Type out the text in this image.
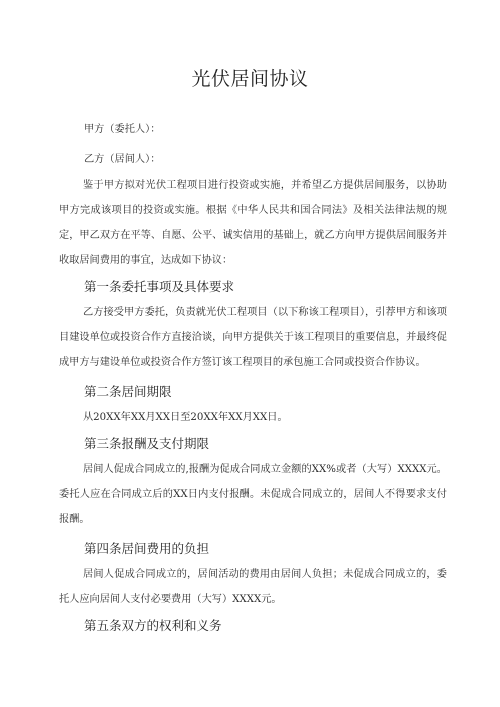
光伏居间协议
甲方（委托人）：
乙方（居间人）：

鉴于甲方拟对光伏工程项目进行投资或实施，并希望乙方提供居间服务，以协助甲方完成该项目的投资或实施。根据《中华人民共和国合同法》及相关法律法规的规定，甲乙双方在平等、自愿、公平、诚实信用的基础上，就乙方向甲方提供居间服务并收取居间费用的事宜，达成如下协议：

第一条委托事项及具体要求

乙方接受甲方委托，负责就光伏工程项目（以下称该工程项目），引荐甲方和该项目建设单位或投资合作方直接洽谈，向甲方提供关于该工程项目的重要信息，并最终促成甲方与建设单位或投资合作方签订该工程项目的承包施工合同或投资合作协议。

第二条居间期限

从20XX年XX月XX日至20XX年XX月XX日。

第三条报酬及支付期限

居间人促成合同成立的,报酬为促成合同成立金额的XX%或者（大写）XXXX元。委托人应在合同成立后的XX日内支付报酬。未促成合同成立的，居间人不得要求支付报酬。

第四条居间费用的负担

居间人促成合同成立的，居间活动的费用由居间人负担；未促成合同成立的，委托人应向居间人支付必要费用（大写）XXXX元。

第五条双方的权利和义务
